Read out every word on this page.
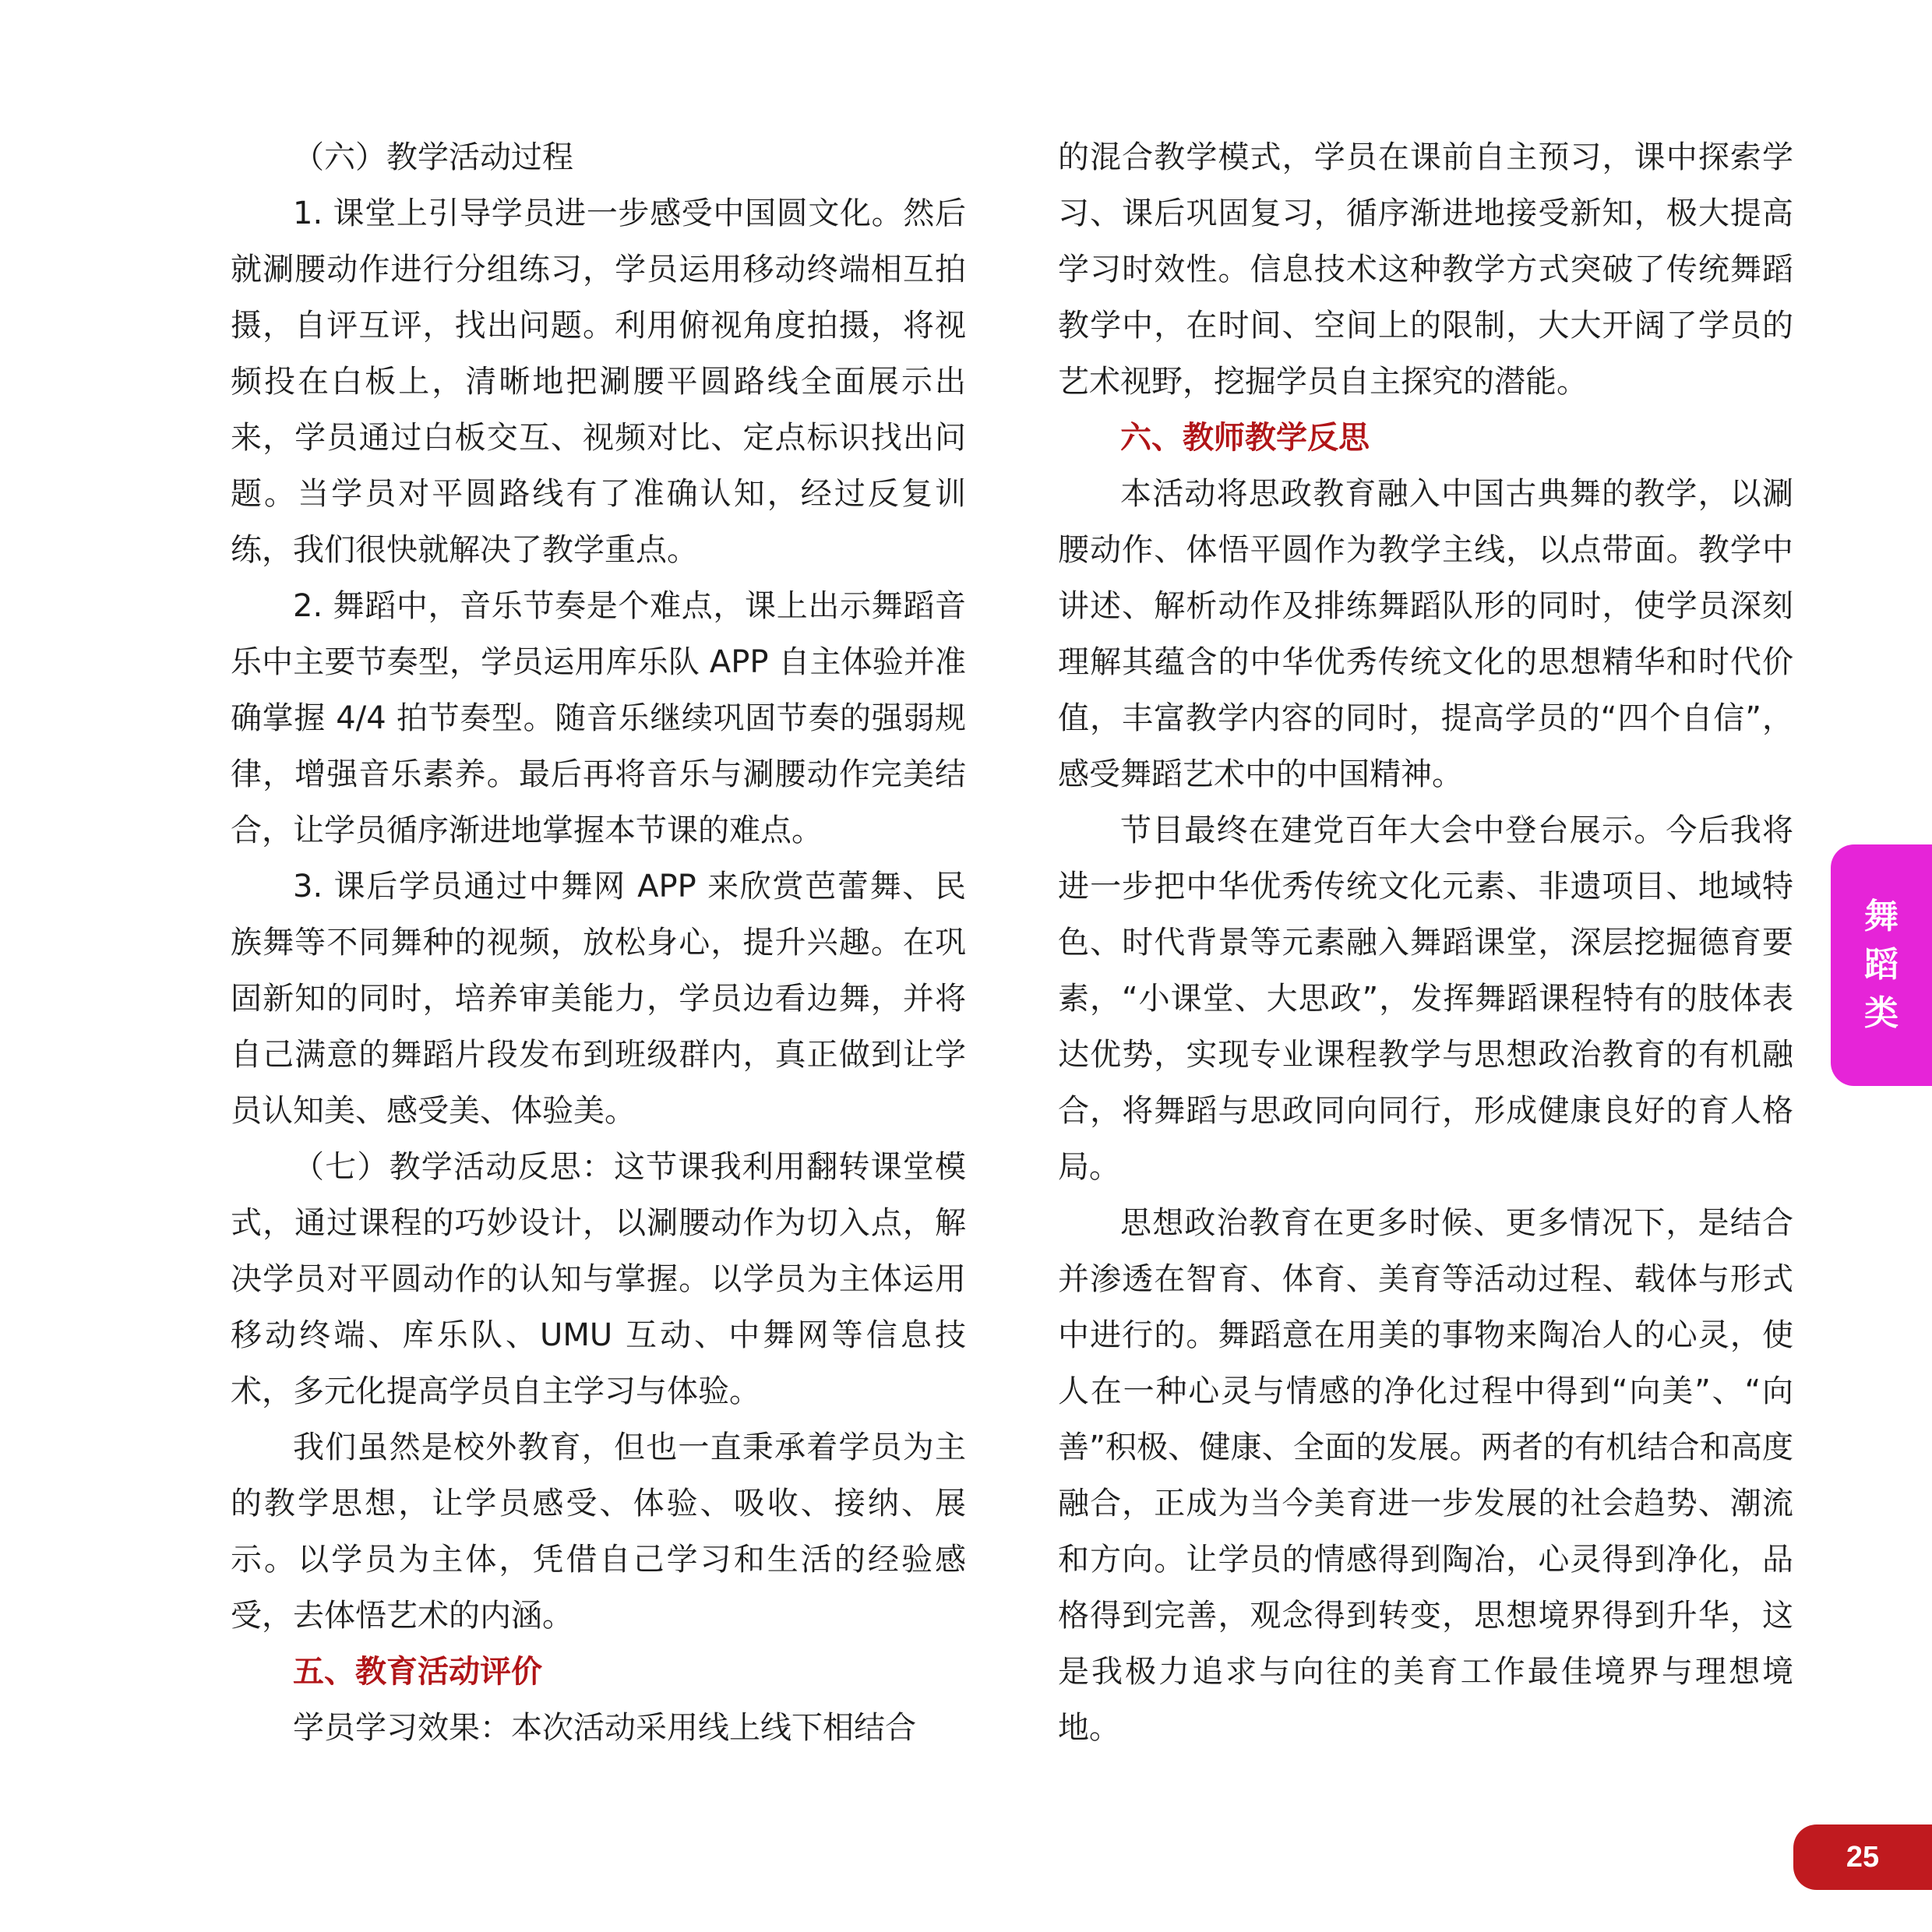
（六）教学活动过程

1. 课堂上引导学员进一步感受中国圆文化。然后就涮腰动作进行分组练习，学员运用移动终端相互拍摄，自评互评，找出问题。利用俯视角度拍摄，将视频投在白板上，清晰地把涮腰平圆路线全面展示出来，学员通过白板交互、视频对比、定点标识找出问题。当学员对平圆路线有了准确认知，经过反复训练，我们很快就解决了教学重点。

2. 舞蹈中，音乐节奏是个难点，课上出示舞蹈音乐中主要节奏型，学员运用库乐队 APP 自主体验并准确掌握 4/4 拍节奏型。随音乐继续巩固节奏的强弱规律，增强音乐素养。最后再将音乐与涮腰动作完美结合，让学员循序渐进地掌握本节课的难点。

3. 课后学员通过中舞网 APP 来欣赏芭蕾舞、民族舞等不同舞种的视频，放松身心，提升兴趣。在巩固新知的同时，培养审美能力，学员边看边舞，并将自己满意的舞蹈片段发布到班级群内，真正做到让学员认知美、感受美、体验美。

（七）教学活动反思：这节课我利用翻转课堂模式，通过课程的巧妙设计，以涮腰动作为切入点，解决学员对平圆动作的认知与掌握。以学员为主体运用移动终端、库乐队、UMU 互动、中舞网等信息技术，多元化提高学员自主学习与体验。

我们虽然是校外教育，但也一直秉承着学员为主的教学思想，让学员感受、体验、吸收、接纳、展示。以学员为主体，凭借自己学习和生活的经验感受，去体悟艺术的内涵。

五、教育活动评价

学员学习效果：本次活动采用线上线下相结合

的混合教学模式，学员在课前自主预习，课中探索学习、课后巩固复习，循序渐进地接受新知，极大提高学习时效性。信息技术这种教学方式突破了传统舞蹈教学中，在时间、空间上的限制，大大开阔了学员的艺术视野，挖掘学员自主探究的潜能。

六、教师教学反思

本活动将思政教育融入中国古典舞的教学，以涮腰动作、体悟平圆作为教学主线，以点带面。教学中讲述、解析动作及排练舞蹈队形的同时，使学员深刻理解其蕴含的中华优秀传统文化的思想精华和时代价值，丰富教学内容的同时，提高学员的“四个自信”，感受舞蹈艺术中的中国精神。

节目最终在建党百年大会中登台展示。今后我将进一步把中华优秀传统文化元素、非遗项目、地域特色、时代背景等元素融入舞蹈课堂，深层挖掘德育要素，“小课堂、大思政”，发挥舞蹈课程特有的肢体表达优势，实现专业课程教学与思想政治教育的有机融合，将舞蹈与思政同向同行，形成健康良好的育人格局。

思想政治教育在更多时候、更多情况下，是结合并渗透在智育、体育、美育等活动过程、载体与形式中进行的。舞蹈意在用美的事物来陶冶人的心灵，使人在一种心灵与情感的净化过程中得到“向美”、“向善”积极、健康、全面的发展。两者的有机结合和高度融合，正成为当今美育进一步发展的社会趋势、潮流和方向。让学员的情感得到陶冶，心灵得到净化，品格得到完善，观念得到转变，思想境界得到升华，这是我极力追求与向往的美育工作最佳境界与理想境地。

舞
蹈
类
25
